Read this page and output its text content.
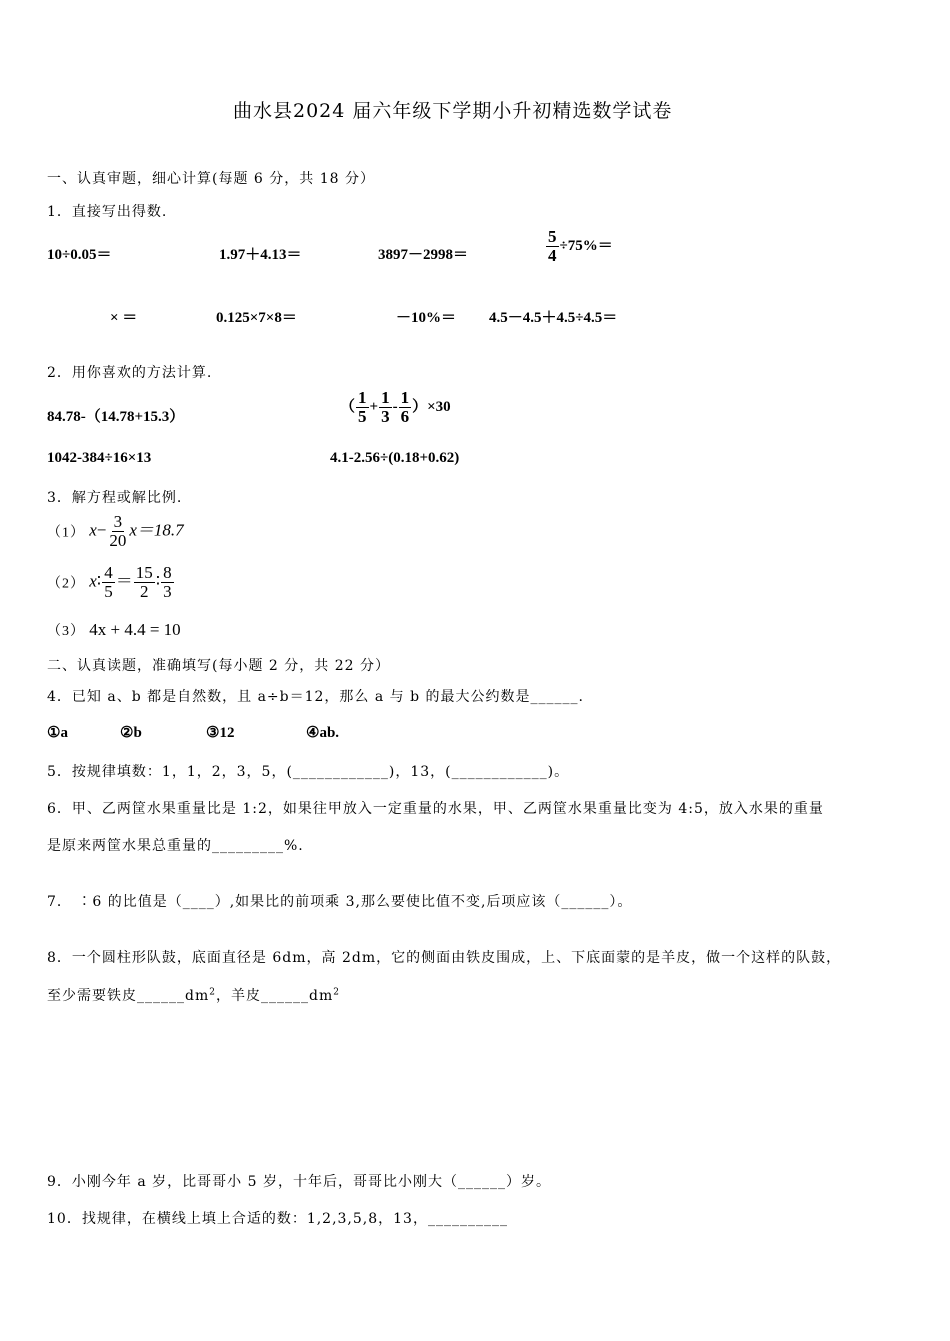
曲水县2024 届六年级下学期小升初精选数学试卷
一、认真审题，细心计算(每题 6 分，共 18 分）
1．直接写出得数.
10÷0.05＝	1.97＋4.13＝	3897－2998＝	$\frac{5}{4} \div 75\%=$
× ＝	0.125×7×8＝	－10%＝ 4.5－4.5＋4.5÷4.5＝
2．用你喜欢的方法计算.
84.78-（14.78+15.3）
（ $\frac{1}{5} + \frac{1}{3} - \frac{1}{6} )\times 30$
1042-384÷16×13	4.1-2.56÷(0.18+0.62)
3．解方程或解比例.
（1） $x- \frac{3}{20} x=18.7$
（2） x∶ $\frac{4}{5} = \frac{15}{2}$ ∶ $\frac{8}{3}$
（3） 4x + 4.4 = 10
二、认真读题，准确填写(每小题 2 分，共 22 分）
4．已知 a、b 都是自然数，且 a÷b＝12，那么 a 与 b 的最大公约数是______.
①a	②b	③12	④ab.
5．按规律填数：1，1，2，3，5，(____________)，13，(____________)。
6．甲、乙两筐水果重量比是 1:2，如果往甲放入一定重量的水果，甲、乙两筐水果重量比变为 4:5，放入水果的重量
是原来两筐水果总重量的_________%.
7． ∶6 的比值是（____）,如果比的前项乘 3,那么要使比值不变,后项应该（______）。
8．一个圆柱形队鼓，底面直径是 6dm，高 2dm，它的侧面由铁皮围成，上、下底面蒙的是羊皮，做一个这样的队鼓，
至少需要铁皮$\_\_\_\_\_\_dm^2$，羊皮$\_\_\_\_\_\_dm^2$
9．小刚今年 a 岁，比哥哥小 5 岁，十年后，哥哥比小刚大（______）岁。
10．找规律，在横线上填上合适的数：1,2,3,5,8，13，__________
